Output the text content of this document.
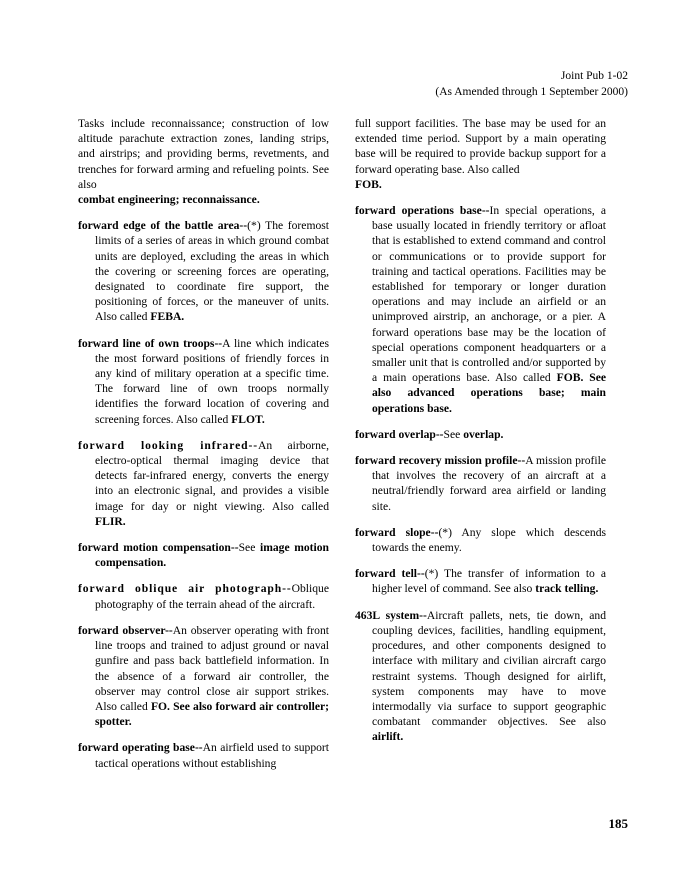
Joint Pub 1-02
(As Amended through 1 September 2000)
Tasks include reconnaissance; construction of low altitude parachute extraction zones, landing strips, and airstrips; and providing berms, revetments, and trenches for forward arming and refueling points. See also
combat engineering; reconnaissance.
forward edge of the battle area--(*) The foremost limits of a series of areas in which ground combat units are deployed, excluding the areas in which the covering or screening forces are operating, designated to coordinate fire support, the positioning of forces, or the maneuver of units. Also called FEBA.
forward line of own troops--A line which indicates the most forward positions of friendly forces in any kind of military operation at a specific time. The forward line of own troops normally identifies the forward location of covering and screening forces. Also called FLOT.
forward looking infrared--An airborne, electro-optical thermal imaging device that detects far-infrared energy, converts the energy into an electronic signal, and provides a visible image for day or night viewing. Also called FLIR.
forward motion compensation--See image motion compensation.
forward oblique air photograph--Oblique photography of the terrain ahead of the aircraft.
forward observer--An observer operating with front line troops and trained to adjust ground or naval gunfire and pass back battlefield information. In the absence of a forward air controller, the observer may control close air support strikes. Also called FO. See also forward air controller; spotter.
forward operating base--An airfield used to support tactical operations without establishing
full support facilities. The base may be used for an extended time period. Support by a main operating base will be required to provide backup support for a forward operating base. Also called
FOB.
forward operations base--In special operations, a base usually located in friendly territory or afloat that is established to extend command and control or communications or to provide support for training and tactical operations. Facilities may be established for temporary or longer duration operations and may include an airfield or an unimproved airstrip, an anchorage, or a pier. A forward operations base may be the location of special operations component headquarters or a smaller unit that is controlled and/or supported by a main operations base. Also called FOB. See also advanced operations base; main operations base.
forward overlap--See overlap.
forward recovery mission profile--A mission profile that involves the recovery of an aircraft at a neutral/friendly forward area airfield or landing site.
forward slope--(*) Any slope which descends towards the enemy.
forward tell--(*) The transfer of information to a higher level of command. See also track telling.
463L system--Aircraft pallets, nets, tie down, and coupling devices, facilities, handling equipment, procedures, and other components designed to interface with military and civilian aircraft cargo restraint systems. Though designed for airlift, system components may have to move intermodally via surface to support geographic combatant commander objectives. See also airlift.
185
